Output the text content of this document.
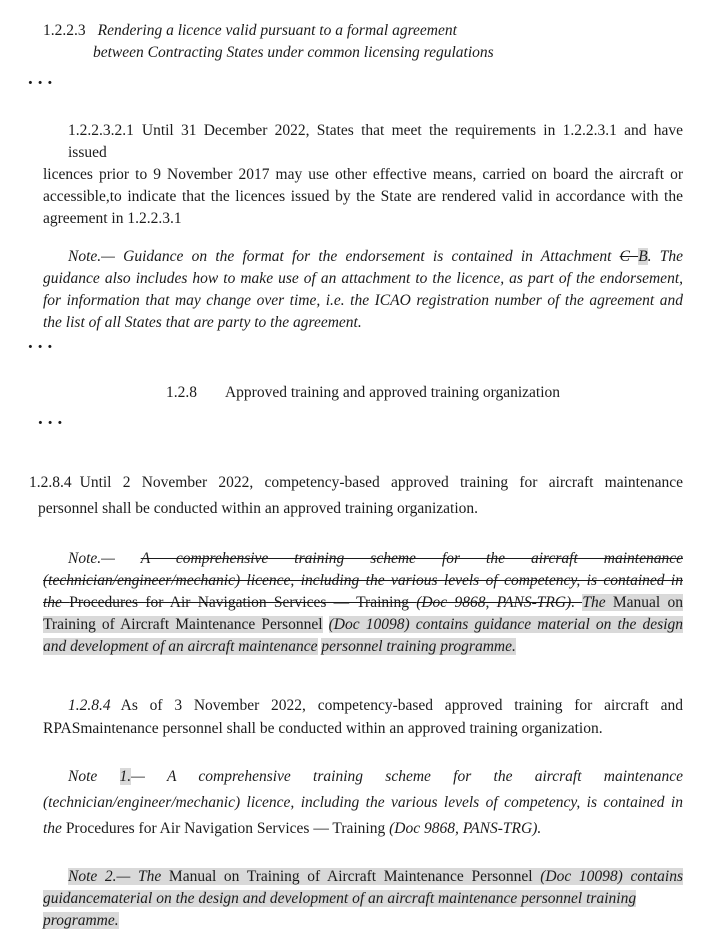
1.2.2.3 Rendering a licence valid pursuant to a formal agreement
between Contracting States under common licensing regulations
...
1.2.2.3.2.1 Until 31 December 2022, States that meet the requirements in 1.2.2.3.1 and have
issued
licences prior to 9 November 2017 may use other effective means, carried on board the aircraft or
accessible,to indicate that the licences issued by the State are rendered valid in accordance with the
agreement in 1.2.2.3.1
Note.— Guidance on the format for the endorsement is contained in Attachment C B. The
guidance also includes how to make use of an attachment to the licence, as part of the endorsement,
for information that may change over time, i.e. the ICAO registration number of the agreement and
the list of all States that are party to the agreement.
...
1.2.8 Approved training and approved training organization
...
1.2.8.4 Until 2 November 2022, competency-based approved training for aircraft maintenance
personnel shall be conducted within an approved training organization.
Note.— A comprehensive training scheme for the aircraft maintenance
(technician/engineer/mechanic) licence, including the various levels of competency, is contained in
the Procedures for Air Navigation Services — Training (Doc 9868, PANS-TRG). The Manual on
Training of Aircraft Maintenance Personnel (Doc 10098) contains guidance material on the design
and development of an aircraft maintenance personnel training programme.
1.2.8.4 As of 3 November 2022, competency-based approved training for aircraft and
RPASmaintenance personnel shall be conducted within an approved training organization.
Note 1.— A comprehensive training scheme for the aircraft maintenance
(technician/engineer/mechanic) licence, including the various levels of competency, is contained in
the Procedures for Air Navigation Services — Training (Doc 9868, PANS-TRG).
Note 2.— The Manual on Training of Aircraft Maintenance Personnel (Doc 10098) contains
guidancematerial on the design and development of an aircraft maintenance personnel training
programme.
